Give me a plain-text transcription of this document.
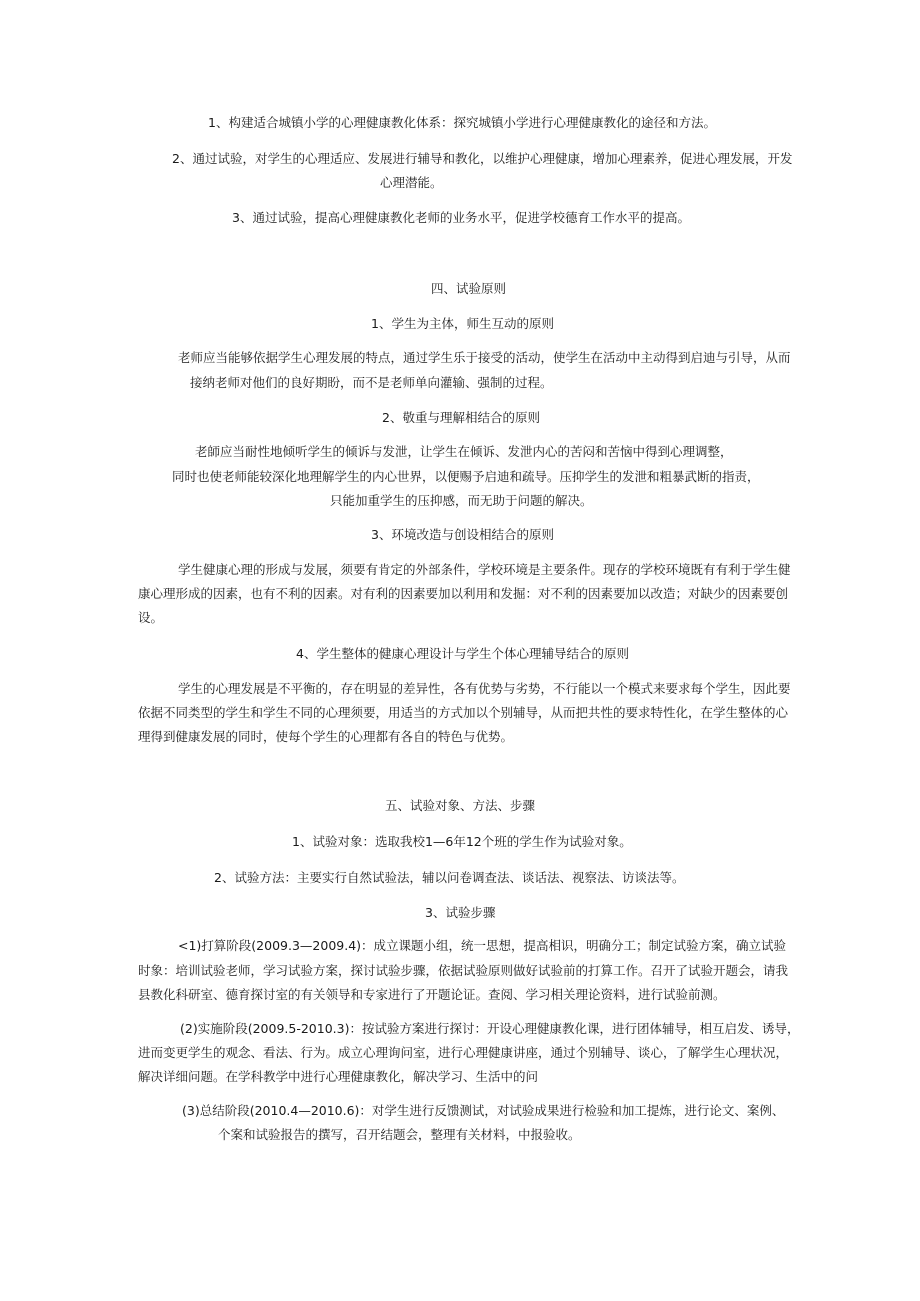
1、构建适合城镇小学的心理健康教化体系：探究城镇小学进行心理健康教化的途径和方法。
2、通过试验，对学生的心理适应、发展进行辅导和教化，以维护心理健康，增加心理素养，促进心理发展，开发
心理潜能。
3、通过试验，提高心理健康教化老师的业务水平，促进学校德育工作水平的提高。
四、试验原则
1、学生为主体，师生互动的原则
老师应当能够依据学生心理发展的特点，通过学生乐于接受的活动，使学生在活动中主动得到启迪与引导，从而
接纳老师对他们的良好期盼，而不是老师单向灌输、强制的过程。
2、敬重与理解相结合的原则
老師应当耐性地倾听学生的倾诉与发泄，让学生在倾诉、发泄内心的苦闷和苦恼中得到心理调整，
同时也使老师能较深化地理解学生的内心世界，以便赐予启迪和疏导。压抑学生的发泄和粗暴武断的指责，
只能加重学生的压抑感，而无助于问题的解决。
3、环境改造与创设相结合的原则
学生健康心理的形成与发展，须要有肯定的外部条件，学校环境是主要条件。现存的学校环境既有有利于学生健
康心理形成的因素，也有不利的因素。对有利的因素要加以利用和发掘：对不利的因素要加以改造；对缺少的因素要创
设。
4、学生整体的健康心理设计与学生个体心理辅导结合的原则
学生的心理发展是不平衡的，存在明显的差异性，各有优势与劣势，不行能以一个模式来要求每个学生，因此要
依据不同类型的学生和学生不同的心理须要，用适当的方式加以个别辅导，从而把共性的要求特性化，在学生整体的心
理得到健康发展的同时，使每个学生的心理都有各自的特色与优势。
五、试验对象、方法、步骤
1、试验对象：选取我校1—6年12个班的学生作为试验对象。
2、试验方法：主要实行自然试验法，辅以问卷调查法、谈话法、视察法、访谈法等。
3、试验步骤
<1)打算阶段(2009.3—2009.4)：成立课题小组，统一思想，提高相识，明确分工；制定试验方案，确立试验
时象：培训试验老师，学习试验方案，探讨试验步骤，依据试验原则做好试验前的打算工作。召开了试验开题会，请我
县教化科研室、德育探讨室的有关领导和专家进行了开题论证。查阅、学习相关理论资料，进行试验前测。
(2)实施阶段(2009.5-2010.3)：按试验方案进行探讨：开设心理健康教化课，进行团体辅导，相互启发、诱导，
进而变更学生的观念、看法、行为。成立心理询问室，进行心理健康讲座，通过个别辅导、谈心，了解学生心理状况，
解决详细问题。在学科教学中进行心理健康教化，解决学习、生活中的问
(3)总结阶段(2010.4—2010.6)：对学生进行反馈测试，对试验成果进行检验和加工提炼，进行论文、案例、
个案和试验报告的撰写，召开结题会，整理有关材料，中报验收。
